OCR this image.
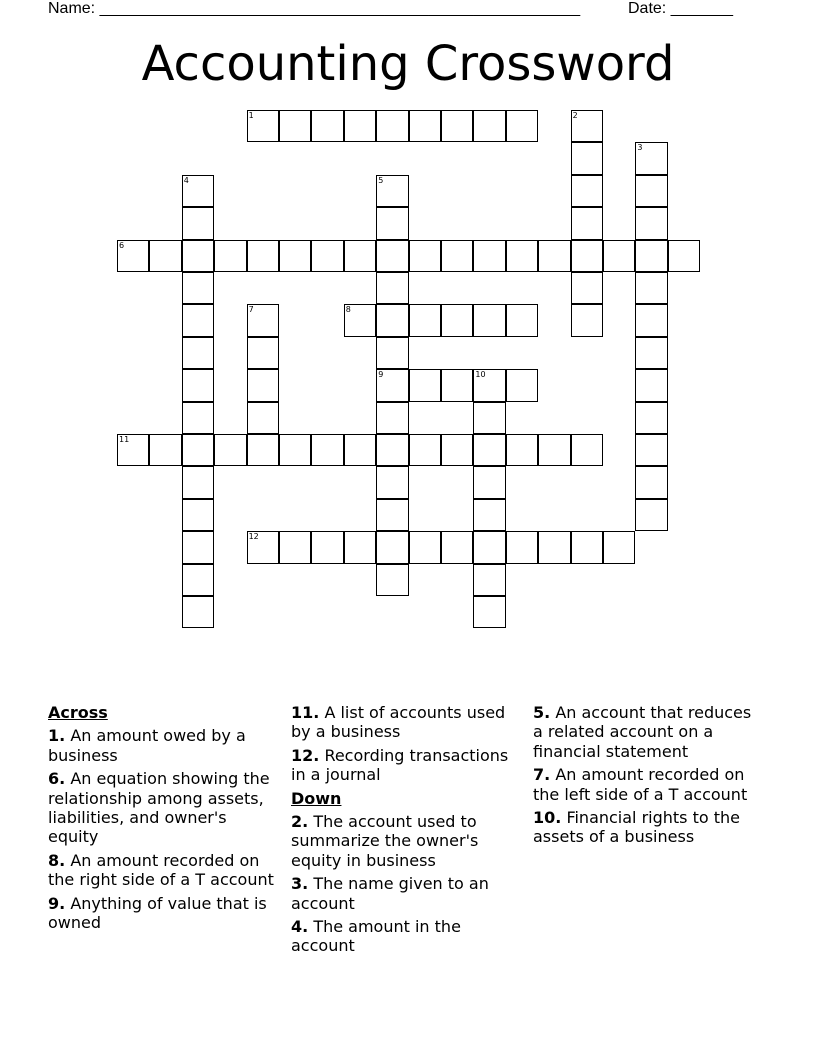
Name: ______________________________________________________	Date: _______
Accounting Crossword
1	2
3
4	5
9
6
7	8
10
11
12
Across
1. An amount owed by a business
6. An equation showing the relationship among assets, liabilities, and owner's equity
8. An amount recorded on the right side of a T account
9. Anything of value that is owned
11. A list of accounts used by a business
12. Recording transactions in a journal
Down
2. The account used to summarize the owner's equity in business
3. The name given to an account
4. The amount in the account
5. An account that reduces a related account on a financial statement
7. An amount recorded on the left side of a T account
10. Financial rights to the assets of a business
